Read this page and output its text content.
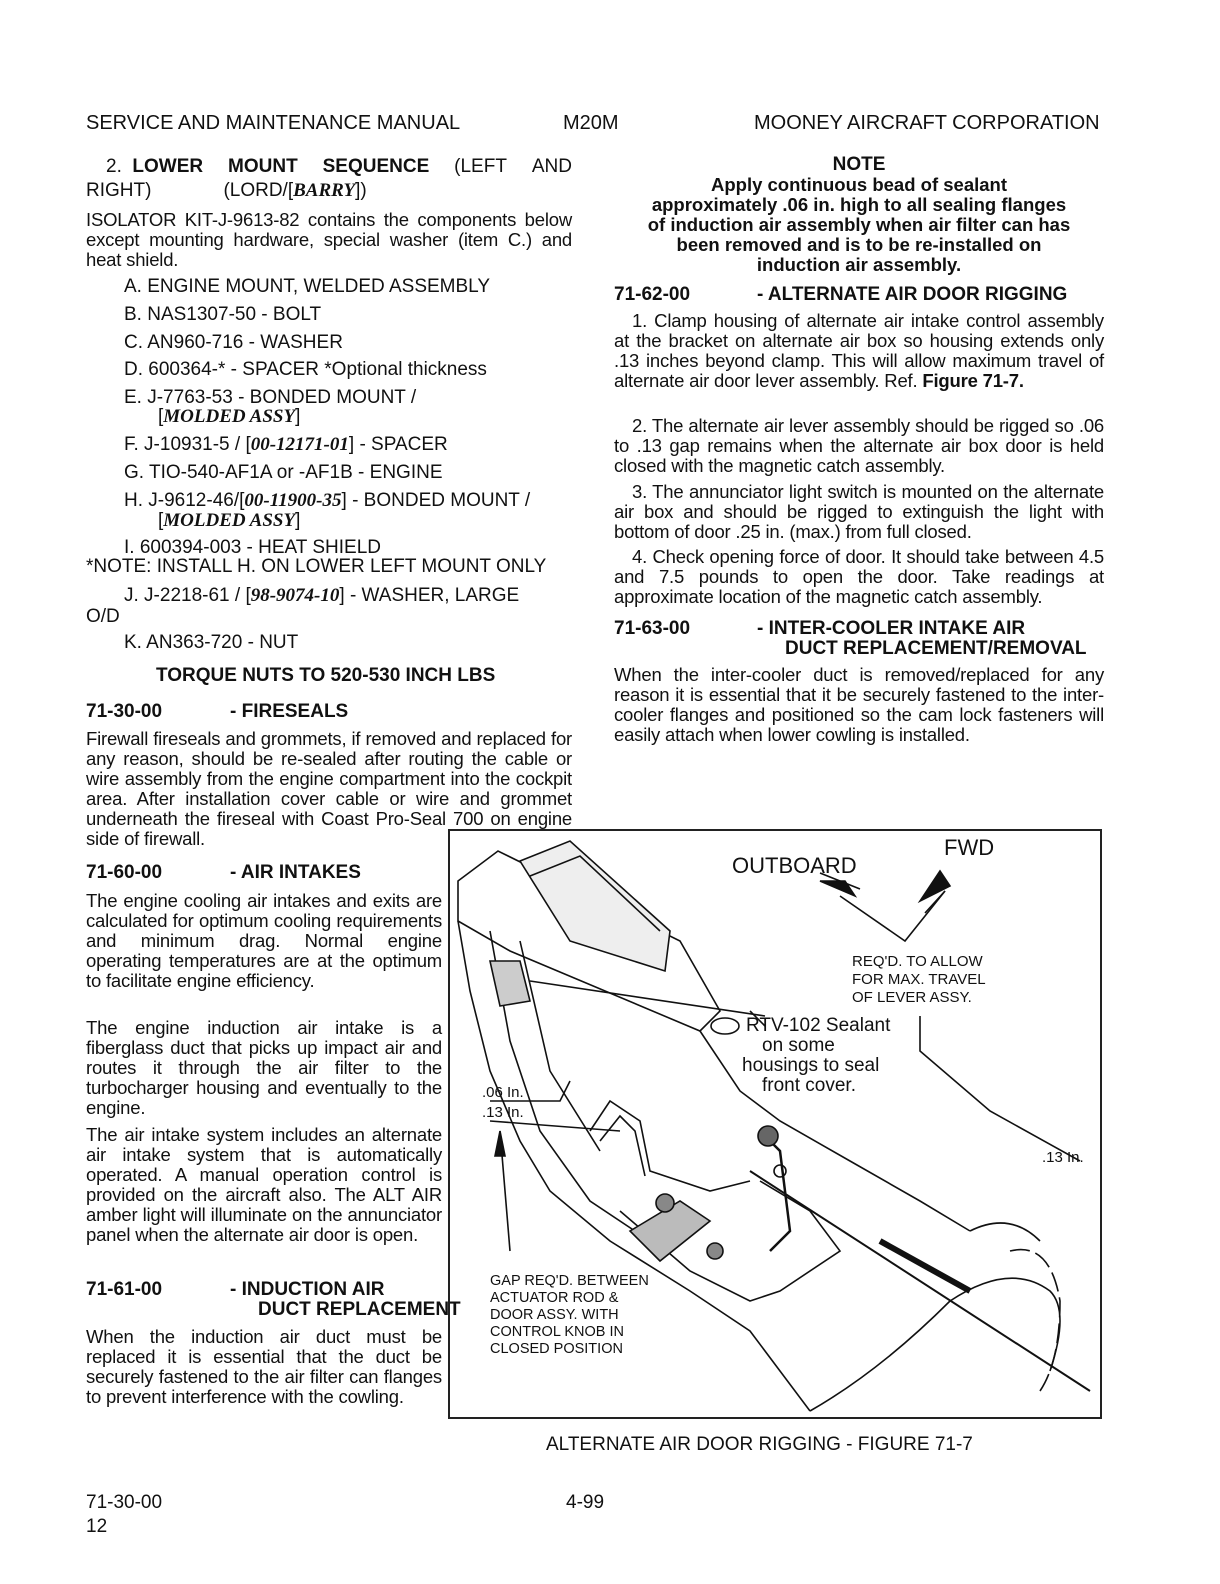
SERVICE AND MAINTENANCE MANUAL	M20M	MOONEY AIRCRAFT CORPORATION
2. LOWER MOUNT SEQUENCE (LEFT AND
RIGHT)	(LORD/[BARRY])

ISOLATOR KIT-J-9613-82 contains the components below except mounting hardware, special washer (item C.) and heat shield.

A. ENGINE MOUNT, WELDED ASSEMBLY
B. NAS1307-50 - BOLT
C. AN960-716 - WASHER
D. 600364-* - SPACER *Optional thickness
E. J-7763-53 - BONDED MOUNT /
[MOLDED ASSY]
F. J-10931-5 / [00-12171-01] - SPACER
G. TIO-540-AF1A or -AF1B - ENGINE
H. J-9612-46/[00-11900-35] - BONDED MOUNT /
[MOLDED ASSY]
I. 600394-003 - HEAT SHIELD
*NOTE: INSTALL H. ON LOWER LEFT MOUNT ONLY
J. J-2218-61 / [98-9074-10] - WASHER, LARGE
O/D
K. AN363-720 - NUT
TORQUE NUTS TO 520-530 INCH LBS
71-30-00	- FIRESEALS

Firewall fireseals and grommets, if removed and replaced for any reason, should be re-sealed after routing the cable or wire assembly from the engine compartment into the cockpit area. After installation cover cable or wire and grommet underneath the fireseal with Coast Pro-Seal 700 on engine side of firewall.

71-60-00	- AIR INTAKES

The engine cooling air intakes and exits are calculated for optimum cooling requirements and minimum drag. Normal engine operating temperatures are at the optimum to facilitate engine efficiency.

The engine induction air intake is a fiberglass duct that picks up impact air and routes it through the air filter to the turbocharger housing and eventually to the engine.

The air intake system includes an alternate air intake system that is automatically operated. A manual operation control is provided on the aircraft also. The ALT AIR amber light will illuminate on the annunciator panel when the alternate air door is open.

71-61-00	- INDUCTION AIR
DUCT REPLACEMENT

When the induction air duct must be replaced it is essential that the duct be securely fastened to the air filter can flanges to prevent interference with the cowling.

NOTE
Apply continuous bead of sealant
approximately .06 in. high to all sealing flanges
of induction air assembly when air filter can has
been removed and is to be re-installed on
induction air assembly.
71-62-00	- ALTERNATE AIR DOOR RIGGING

1. Clamp housing of alternate air intake control assembly at the bracket on alternate air box so housing extends only .13 inches beyond clamp. This will allow maximum travel of alternate air door lever assembly. Ref. Figure 71-7.

2. The alternate air lever assembly should be rigged so .06 to .13 gap remains when the alternate air box door is held closed with the magnetic catch assembly.

3. The annunciator light switch is mounted on the alternate air box and should be rigged to extinguish the light with bottom of door .25 in. (max.) from full closed.

4. Check opening force of door. It should take between 4.5 and 7.5 pounds to open the door. Take readings at approximate location of the magnetic catch assembly.

71-63-00	- INTER-COOLER INTAKE AIR
DUCT REPLACEMENT/REMOVAL

When the inter-cooler duct is removed/replaced for any reason it is essential that it be securely fastened to the inter-cooler flanges and positioned so the cam lock fasteners will easily attach when lower cowling is installed.

FWD
OUTBOARD
REQ'D. TO ALLOW
FOR MAX. TRAVEL
OF LEVER ASSY.
RTV-102 Sealant
on some
housings to seal
front cover.
.06 In.
.13 In.
.13 In.
GAP REQ'D. BETWEEN
ACTUATOR ROD &
DOOR ASSY. WITH
CONTROL KNOB IN
CLOSED POSITION
ALTERNATE AIR DOOR RIGGING - FIGURE 71-7
71-30-00
12
4-99
